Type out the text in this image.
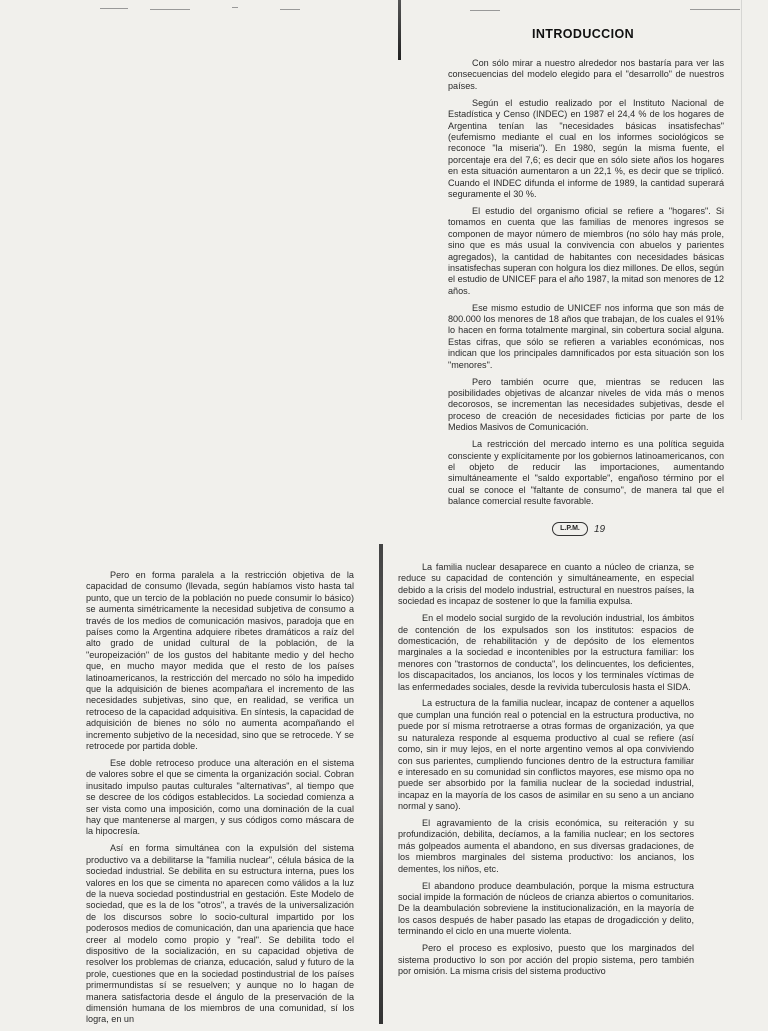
INTRODUCCION

Con sólo mirar a nuestro alrededor nos bastaría para ver las consecuencias del modelo elegido para el "desarrollo" de nuestros países.

Según el estudio realizado por el Instituto Nacional de Estadística y Censo (INDEC) en 1987 el 24,4 % de los hogares de Argentina tenían las "necesidades básicas insatisfechas" (eufemismo mediante el cual en los informes sociológicos se reconoce "la miseria"). En 1980, según la misma fuente, el porcentaje era del 7,6; es decir que en sólo siete años los hogares en esta situación aumentaron a un 22,1 %, es decir que se triplicó. Cuando el INDEC difunda el informe de 1989, la cantidad superará seguramente el 30 %.

El estudio del organismo oficial se refiere a "hogares". Si tomamos en cuenta que las familias de menores ingresos se componen de mayor número de miembros (no sólo hay más prole, sino que es más usual la convivencia con abuelos y parientes agregados), la cantidad de habitantes con necesidades básicas insatisfechas superan con holgura los diez millones. De ellos, según el estudio de UNICEF para el año 1987, la mitad son menores de 12 años.

Ese mismo estudio de UNICEF nos informa que son más de 800.000 los menores de 18 años que trabajan, de los cuales el 91% lo hacen en forma totalmente marginal, sin cobertura social alguna. Estas cifras, que sólo se refieren a variables económicas, nos indican que los principales damnificados por esta situación son los "menores".

Pero también ocurre que, mientras se reducen las posibilidades objetivas de alcanzar niveles de vida más o menos decorosos, se incrementan las necesidades subjetivas, desde el proceso de creación de necesidades ficticias por parte de los Medios Masivos de Comunicación.

La restricción del mercado interno es una política seguida consciente y explícitamente por los gobiernos latinoamericanos, con el objeto de reducir las importaciones, aumentando simultáneamente el "saldo exportable", engañoso término por el cual se conoce el "faltante de consumo", de manera tal que el balance comercial resulte favorable.

L.P.M.	19

Pero en forma paralela a la restricción objetiva de la capacidad de consumo (llevada, según habíamos visto hasta tal punto, que un tercio de la población no puede consumir lo básico) se aumenta simétricamente la necesidad subjetiva de consumo a través de los medios de comunicación masivos, paradoja que en países como la Argentina adquiere ribetes dramáticos a raíz del alto grado de unidad cultural de la población, de la "europeización" de los gustos del habitante medio y del hecho que, en mucho mayor medida que el resto de los países latinoamericanos, la restricción del mercado no sólo ha impedido que la adquisición de bienes acompañara el incremento de las necesidades subjetivas, sino que, en realidad, se verifica un retroceso de la capacidad adquisitiva. En síntesis, la capacidad de adquisición de bienes no sólo no aumenta acompañando el incremento subjetivo de la necesidad, sino que se retrocede. Y se retrocede por partida doble.

Ese doble retroceso produce una alteración en el sistema de valores sobre el que se cimenta la organización social. Cobran inusitado impulso pautas culturales "alternativas", al tiempo que se descree de los códigos establecidos. La sociedad comienza a ser vista como una imposición, como una dominación de la cual hay que mantenerse al margen, y sus códigos como máscara de la hipocresía.

Así en forma simultánea con la expulsión del sistema productivo va a debilitarse la "familia nuclear", célula básica de la sociedad industrial. Se debilita en su estructura interna, pues los valores en los que se cimenta no aparecen como válidos a la luz de la nueva sociedad postindustrial en gestación. Este Modelo de sociedad, que es la de los "otros", a través de la universalización de los discursos sobre lo socio-cultural impartido por los poderosos medios de comunicación, dan una apariencia que hace creer al modelo como propio y "real". Se debilita todo el dispositivo de la socialización, en su capacidad objetiva de resolver los problemas de crianza, educación, salud y futuro de la prole, cuestiones que en la sociedad postindustrial de los países primermundistas sí se resuelven; y aunque no lo hagan de manera satisfactoria desde el ángulo de la preservación de la dimensión humana de los miembros de una comunidad, sí los logra, en un

La familia nuclear desaparece en cuanto a núcleo de crianza, se reduce su capacidad de contención y simultáneamente, en especial debido a la crisis del modelo industrial, estructural en nuestros países, la sociedad es incapaz de sostener lo que la familia expulsa.

En el modelo social surgido de la revolución industrial, los ámbitos de contención de los expulsados son los institutos: espacios de domesticación, de rehabilitación y de depósito de los elementos marginales a la sociedad e incontenibles por la estructura familiar: los menores con "trastornos de conducta", los delincuentes, los deficientes, los discapacitados, los ancianos, los locos y los terminales víctimas de las enfermedades sociales, desde la revivida tuberculosis hasta el SIDA.

La estructura de la familia nuclear, incapaz de contener a aquellos que cumplan una función real o potencial en la estructura productiva, no puede por sí misma retrotraerse a otras formas de organización, ya que su naturaleza responde al esquema productivo al cual se refiere (así como, sin ir muy lejos, en el norte argentino vemos al opa conviviendo con sus parientes, cumpliendo funciones dentro de la estructura familiar e interesado en su comunidad sin conflictos mayores, ese mismo opa no puede ser absorbido por la familia nuclear de la sociedad industrial, incapaz en la mayoría de los casos de asimilar en su seno a un anciano normal y sano).

El agravamiento de la crisis económica, su reiteración y su profundización, debilita, decíamos, a la familia nuclear; en los sectores más golpeados aumenta el abandono, en sus diversas gradaciones, de los miembros marginales del sistema productivo: los ancianos, los dementes, los niños, etc.

El abandono produce deambulación, porque la misma estructura social impide la formación de núcleos de crianza abiertos o comunitarios. De la deambulación sobreviene la institucionalización, en la mayoría de los casos después de haber pasado las etapas de drogadicción y delito, terminando el ciclo en una muerte violenta.

Pero el proceso es explosivo, puesto que los marginados del sistema productivo lo son por acción del propio sistema, pero también por omisión. La misma crisis del sistema productivo
